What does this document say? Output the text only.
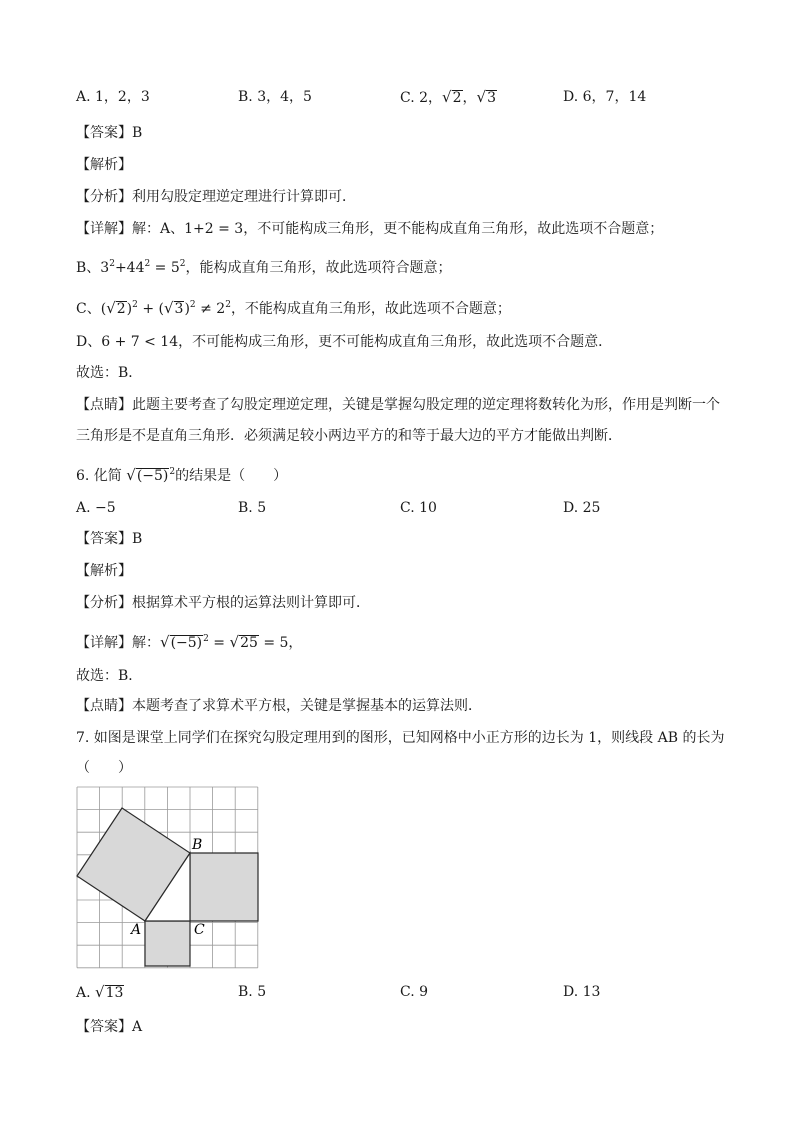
A. 1，2，3	B. 3，4，5	C. 2，√2，√3	D. 6，7，14
【答案】B
【解析】
【分析】利用勾股定理逆定理进行计算即可．
【详解】解：A、1+2 = 3，不可能构成三角形，更不能构成直角三角形，故此选项不合题意；
B、$3^2+44^2 = 5^2$，能构成直角三角形，故此选项符合题意；
C、$(√2)^2 + (√3)^2 \ne 2^2$，不能构成直角三角形，故此选项不合题意；
D、6 + 7 < 14，不可能构成三角形，更不可能构成直角三角形，故此选项不合题意．
故选：B．
【点睛】此题主要考查了勾股定理逆定理，关键是掌握勾股定理的逆定理将数转化为形，作用是判断一个
三角形是不是直角三角形．必须满足较小两边平方的和等于最大边的平方才能做出判断．
6. 化简 $√(-5)^2$的结果是（　　）
A. −5	B. 5	C. 10	D. 25
【答案】B
【解析】
【分析】根据算术平方根的运算法则计算即可．
【详解】解：$√(-5)^2 = √25 = 5$，
故选：B．
【点睛】本题考查了求算术平方根，关键是掌握基本的运算法则．
7. 如图是课堂上同学们在探究勾股定理用到的图形，已知网格中小正方形的边长为 1，则线段 AB 的长为
（　　）
B
A	C
A. √13	B. 5	C. 9	D. 13
【答案】A
